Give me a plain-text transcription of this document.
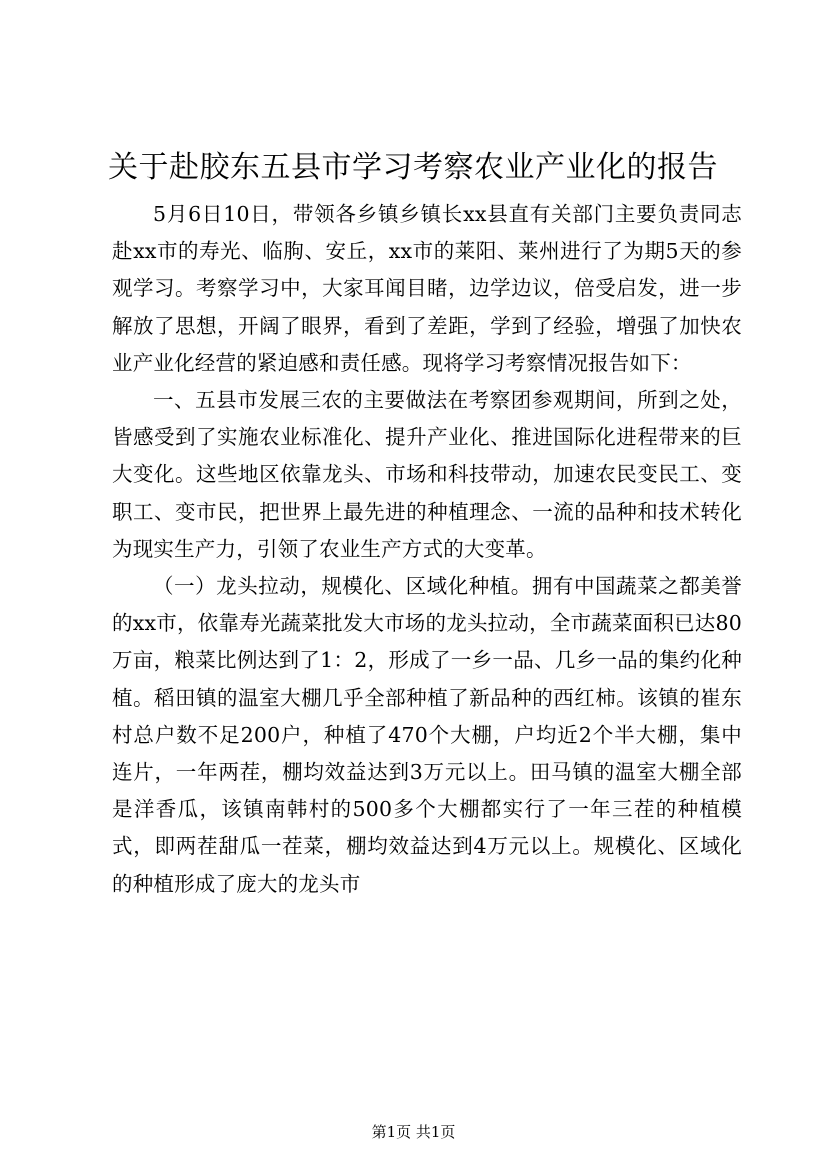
关于赴胶东五县市学习考察农业产业化的报告

5月6日10日，带领各乡镇乡镇长xx县直有关部门主要负责同志赴xx市的寿光、临朐、安丘，xx市的莱阳、莱州进行了为期5天的参观学习。考察学习中，大家耳闻目睹，边学边议，倍受启发，进一步解放了思想，开阔了眼界，看到了差距，学到了经验，增强了加快农业产业化经营的紧迫感和责任感。现将学习考察情况报告如下：

一、五县市发展三农的主要做法在考察团参观期间，所到之处，皆感受到了实施农业标准化、提升产业化、推进国际化进程带来的巨大变化。这些地区依靠龙头、市场和科技带动，加速农民变民工、变职工、变市民，把世界上最先进的种植理念、一流的品种和技术转化为现实生产力，引领了农业生产方式的大变革。

（一）龙头拉动，规模化、区域化种植。拥有中国蔬菜之都美誉的xx市，依靠寿光蔬菜批发大市场的龙头拉动，全市蔬菜面积已达80万亩，粮菜比例达到了1：2，形成了一乡一品、几乡一品的集约化种植。稻田镇的温室大棚几乎全部种植了新品种的西红柿。该镇的崔东村总户数不足200户，种植了470个大棚，户均近2个半大棚，集中连片，一年两茬，棚均效益达到3万元以上。田马镇的温室大棚全部是洋香瓜，该镇南韩村的500多个大棚都实行了一年三茬的种植模式，即两茬甜瓜一茬菜，棚均效益达到4万元以上。规模化、区域化的种植形成了庞大的龙头市

第1页 共1页
